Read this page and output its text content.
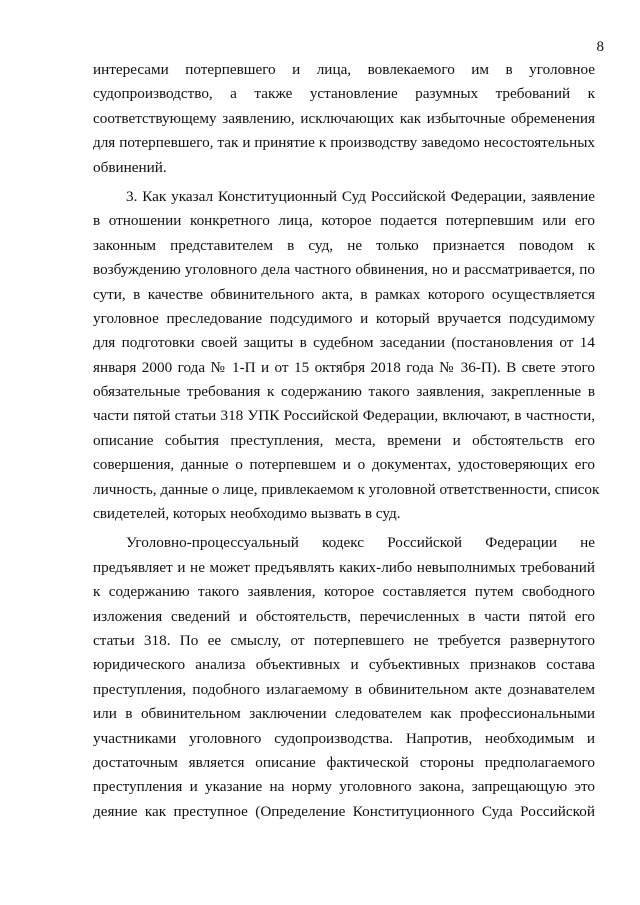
8
интересами потерпевшего и лица, вовлекаемого им в уголовное
судопроизводство, а также установление разумных требований к
соответствующему заявлению, исключающих как избыточные обременения
для потерпевшего, так и принятие к производству заведомо несостоятельных
обвинений.
3. Как указал Конституционный Суд Российской Федерации, заявление
в отношении конкретного лица, которое подается потерпевшим или его
законным представителем в суд, не только признается поводом к
возбуждению уголовного дела частного обвинения, но и рассматривается, по
сути, в качестве обвинительного акта, в рамках которого осуществляется
уголовное преследование подсудимого и который вручается подсудимому
для подготовки своей защиты в судебном заседании (постановления от 14
января 2000 года № 1-П и от 15 октября 2018 года № 36-П). В свете этого
обязательные требования к содержанию такого заявления, закрепленные в
части пятой статьи 318 УПК Российской Федерации, включают, в частности,
описание события преступления, места, времени и обстоятельств его
совершения, данные о потерпевшем и о документах, удостоверяющих его
личность, данные о лице, привлекаемом к уголовной ответственности, список
свидетелей, которых необходимо вызвать в суд.
Уголовно-процессуальный кодекс Российской Федерации не
предъявляет и не может предъявлять каких-либо невыполнимых требований
к содержанию такого заявления, которое составляется путем свободного
изложения сведений и обстоятельств, перечисленных в части пятой его
статьи 318. По ее смыслу, от потерпевшего не требуется развернутого
юридического анализа объективных и субъективных признаков состава
преступления, подобного излагаемому в обвинительном акте дознавателем
или в обвинительном заключении следователем как профессиональными
участниками уголовного судопроизводства. Напротив, необходимым и
достаточным является описание фактической стороны предполагаемого
преступления и указание на норму уголовного закона, запрещающую это
деяние как преступное (Определение Конституционного Суда Российской
